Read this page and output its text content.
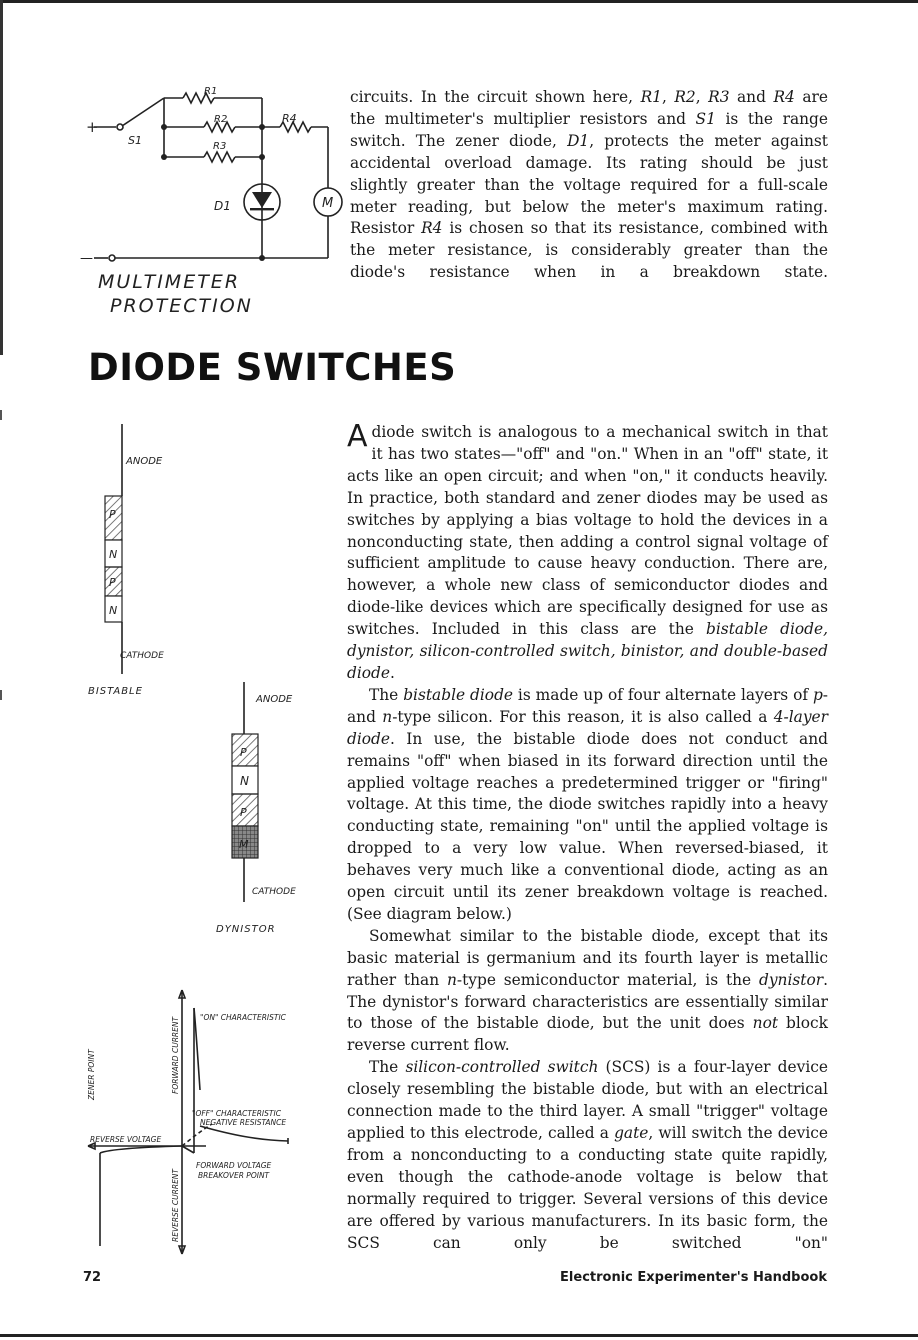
R1
R2
R3
R4
S1
D1	M
+
—
MULTIMETER
PROTECTION

circuits. In the circuit shown here, R1, R2, R3 and R4 are the multimeter's multiplier resistors and S1 is the range switch. The zener diode, D1, protects the meter against accidental overload damage. Its rating should be just slightly greater than the voltage required for a full-scale meter reading, but below the meter's maximum rating. Resistor R4 is chosen so that its resistance, combined with the meter resistance, is considerably greater than the diode's resistance when in a breakdown state.

DIODE SWITCHES
P
N
P
N
ANODE
CATHODE
BISTABLE
P
N
P
M
ANODE
CATHODE
DYNISTOR
"ON" CHARACTERISTIC
"OFF" CHARACTERISTIC
NEGATIVE RESISTANCE
FORWARD VOLTAGE
BREAKOVER POINT
REVERSE VOLTAGE
FORWARD CURRENT
REVERSE CURRENT
ZENER POINT

A diode switch is analogous to a mechanical switch in that it has two states—"off" and "on." When in an "off" state, it acts like an open circuit; and when "on," it conducts heavily. In practice, both standard and zener diodes may be used as switches by applying a bias voltage to hold the devices in a nonconducting state, then adding a control signal voltage of sufficient amplitude to cause heavy conduction. There are, however, a whole new class of semiconductor diodes and diode-like devices which are specifically designed for use as switches. Included in this class are the bistable diode, dynistor, silicon-controlled switch, binistor, and double-based diode.

The bistable diode is made up of four alternate layers of p-and n-type silicon. For this reason, it is also called a 4-layer diode. In use, the bistable diode does not conduct and remains "off" when biased in its forward direction until the applied voltage reaches a predetermined trigger or "firing" voltage. At this time, the diode switches rapidly into a heavy conducting state, remaining "on" until the applied voltage is dropped to a very low value. When reversed-biased, it behaves very much like a conventional diode, acting as an open circuit until its zener breakdown voltage is reached. (See diagram below.)

Somewhat similar to the bistable diode, except that its basic material is germanium and its fourth layer is metallic rather than n-type semiconductor material, is the dynistor. The dynistor's forward characteristics are essentially similar to those of the bistable diode, but the unit does not block reverse current flow.

The silicon-controlled switch (SCS) is a four-layer device closely resembling the bistable diode, but with an electrical connection made to the third layer. A small "trigger" voltage applied to this electrode, called a gate, will switch the device from a nonconducting to a conducting state quite rapidly, even though the cathode-anode voltage is below that normally required to trigger. Several versions of this device are offered by various manufacturers. In its basic form, the SCS can only be switched "on"

72	Electronic Experimenter's Handbook
